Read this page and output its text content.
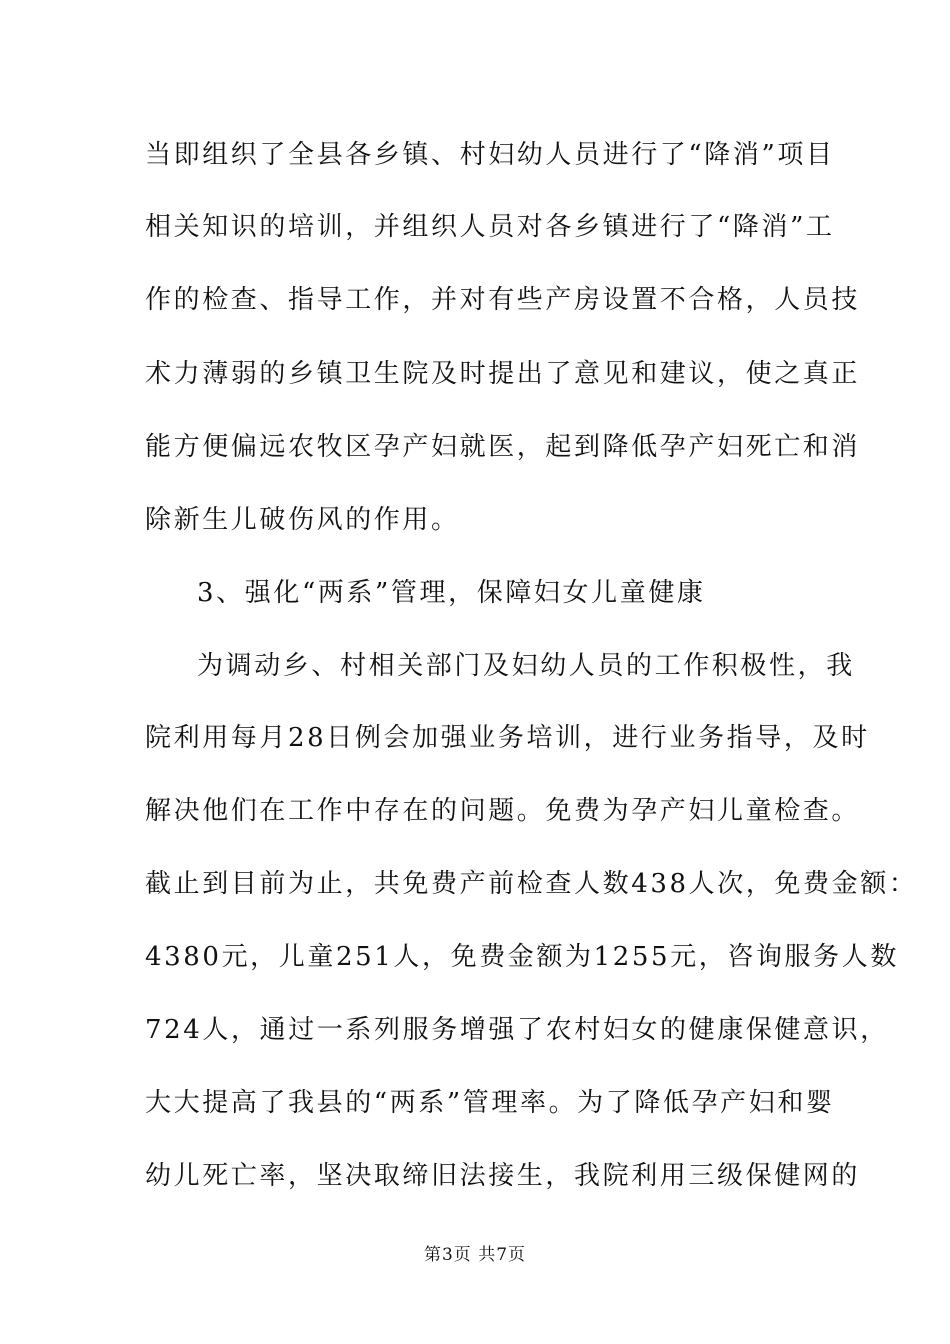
当即组织了全县各乡镇、村妇幼人员进行了“降消”项目
相关知识的培训，并组织人员对各乡镇进行了“降消”工
作的检查、指导工作，并对有些产房设置不合格，人员技
术力薄弱的乡镇卫生院及时提出了意见和建议，使之真正
能方便偏远农牧区孕产妇就医，起到降低孕产妇死亡和消
除新生儿破伤风的作用。
3、强化“两系”管理，保障妇女儿童健康
为调动乡、村相关部门及妇幼人员的工作积极性，我
院利用每月28日例会加强业务培训，进行业务指导，及时
解决他们在工作中存在的问题。免费为孕产妇儿童检查。
截止到目前为止，共免费产前检查人数438人次，免费金额：
4380元，儿童251人，免费金额为1255元，咨询服务人数
724人，通过一系列服务增强了农村妇女的健康保健意识，
大大提高了我县的“两系”管理率。为了降低孕产妇和婴
幼儿死亡率，坚决取缔旧法接生，我院利用三级保健网的
第3页 共7页
